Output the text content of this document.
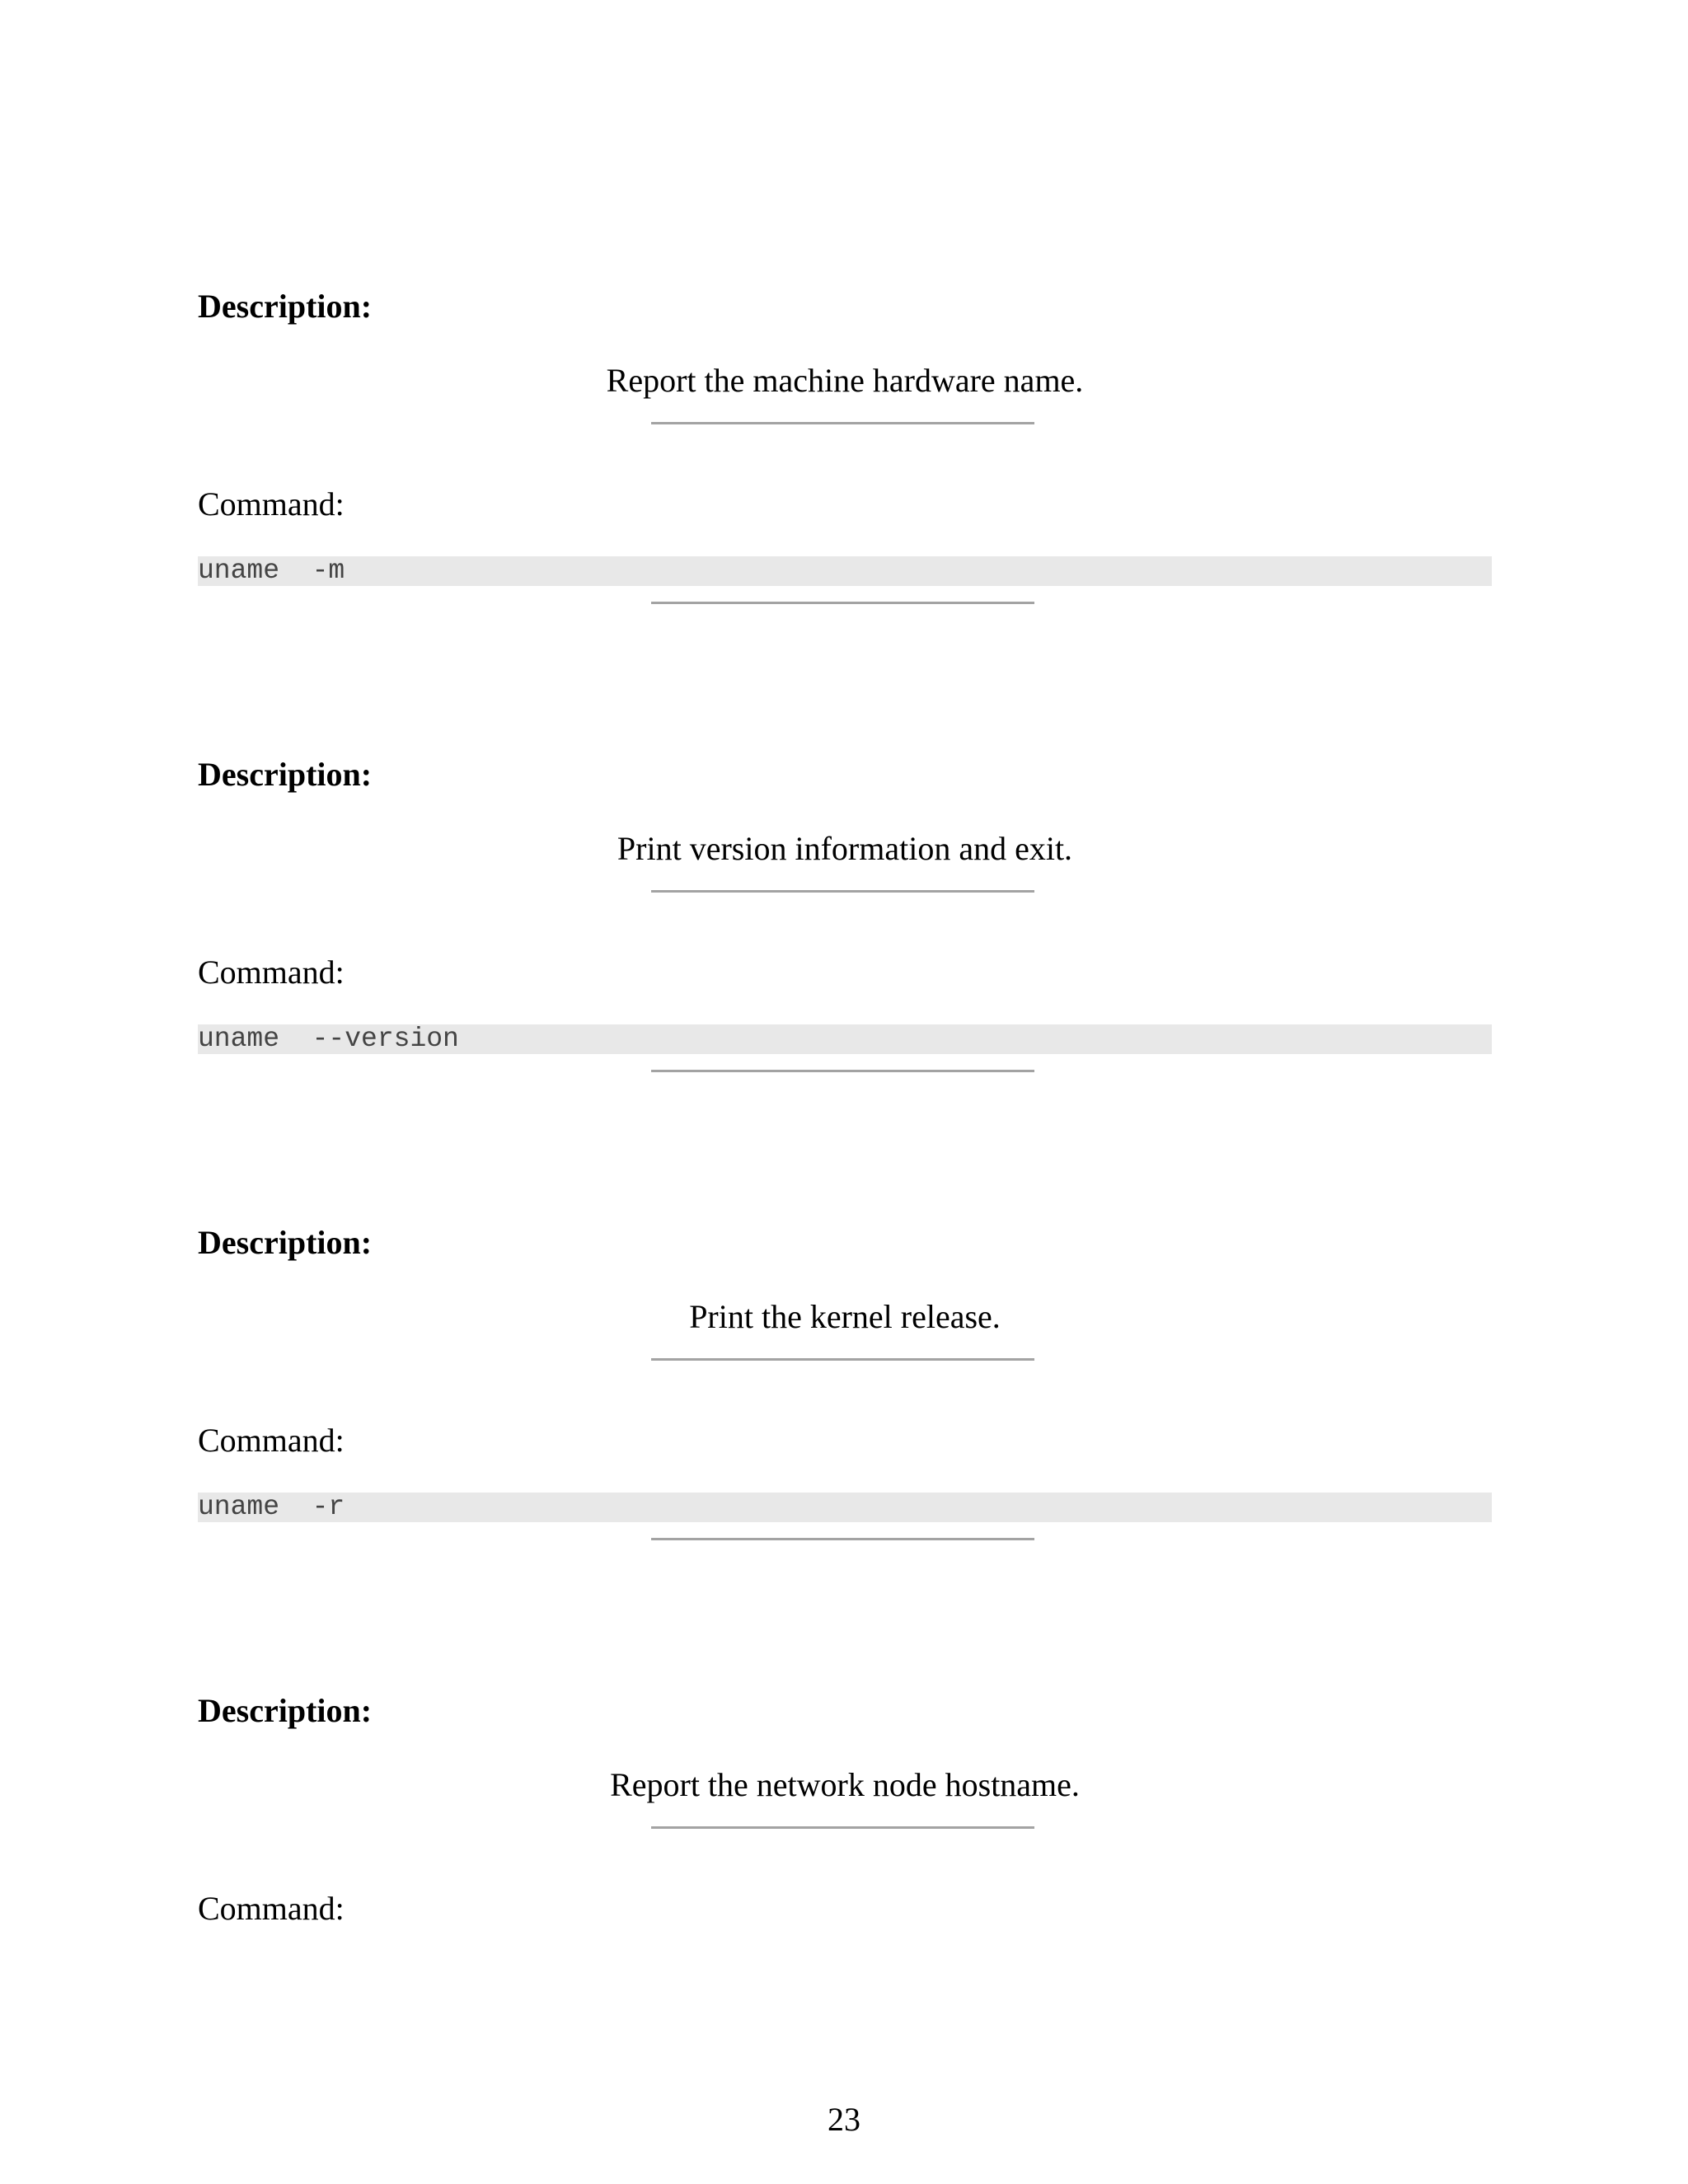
Description:
Report the machine hardware name.
Command:
uname  -m
Description:
Print version information and exit.
Command:
uname  --version
Description:
Print the kernel release.
Command:
uname  -r
Description:
Report the network node hostname.
Command:
23
